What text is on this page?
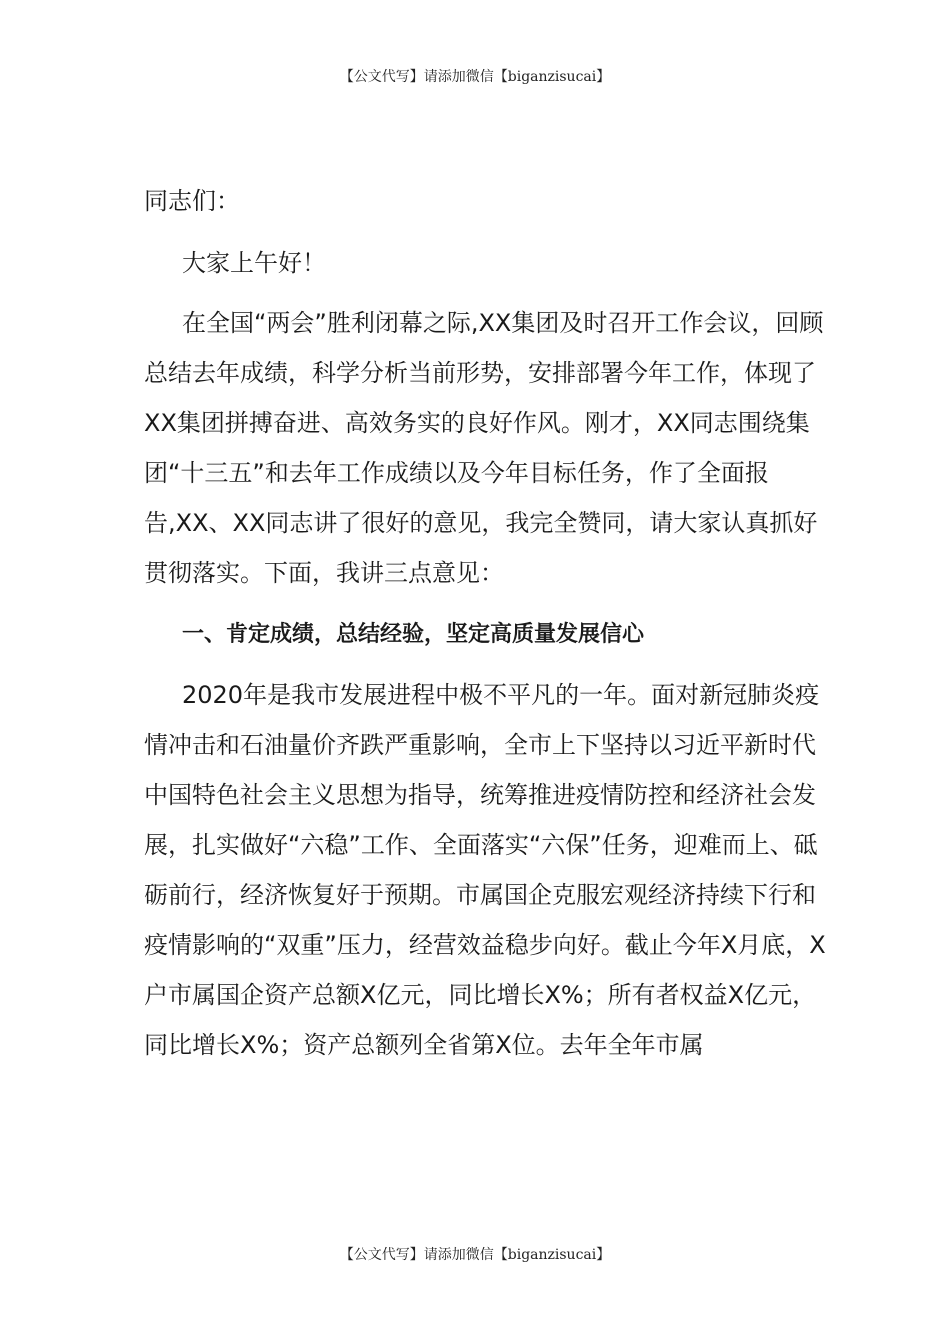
【公文代写】请添加微信【biganzisucai】

同志们：

大家上午好！

在全国“两会”胜利闭幕之际,XX集团及时召开工作会议，回顾总结去年成绩，科学分析当前形势，安排部署今年工作，体现了XX集团拼搏奋进、高效务实的良好作风。刚才，XX同志围绕集团“十三五”和去年工作成绩以及今年目标任务，作了全面报告,XX、XX同志讲了很好的意见，我完全赞同，请大家认真抓好贯彻落实。下面，我讲三点意见：

一、肯定成绩，总结经验，坚定高质量发展信心

2020年是我市发展进程中极不平凡的一年。面对新冠肺炎疫情冲击和石油量价齐跌严重影响，全市上下坚持以习近平新时代中国特色社会主义思想为指导，统筹推进疫情防控和经济社会发展，扎实做好“六稳”工作、全面落实“六保”任务，迎难而上、砥砺前行，经济恢复好于预期。市属国企克服宏观经济持续下行和疫情影响的“双重”压力，经营效益稳步向好。截止今年X月底，X户市属国企资产总额X亿元，同比增长X%；所有者权益X亿元，同比增长X%；资产总额列全省第X位。去年全年市属

【公文代写】请添加微信【biganzisucai】
